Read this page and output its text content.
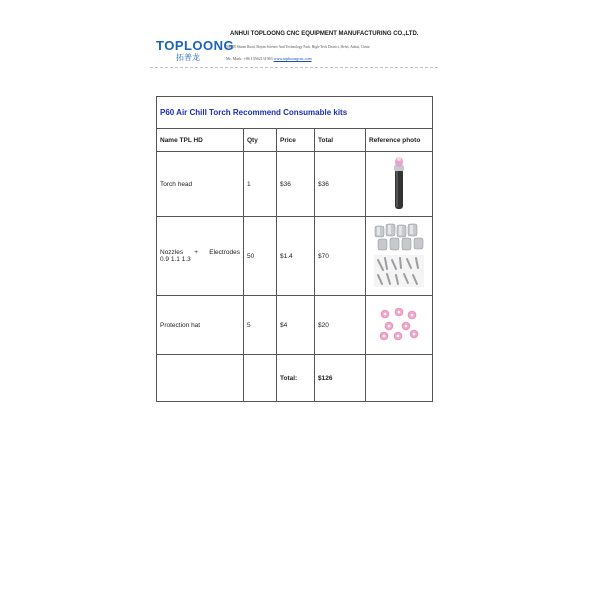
TOPLOONG
拓普龙
ANHUI TOPLOONG CNC EQUIPMENT MANUFACTURING CO.,LTD.
No. 18 Shiran Road, Boyan Science And Technology Park, High-Tech District, Hefei, Anhui, China
Mr. Mark. +86 13562131963 www.topboongcnc.com
P60 Air Chill Torch Recommend Consumable kits				
Name TPL HD	Qty	Price	Total	Reference photo
Torch head	1	$36	$36	

Nozzles + Electrodes
0.9 1.1 1.3	50	$1.4	$70	
Protection hat	5	$4	$20	
		Total:	$126	
